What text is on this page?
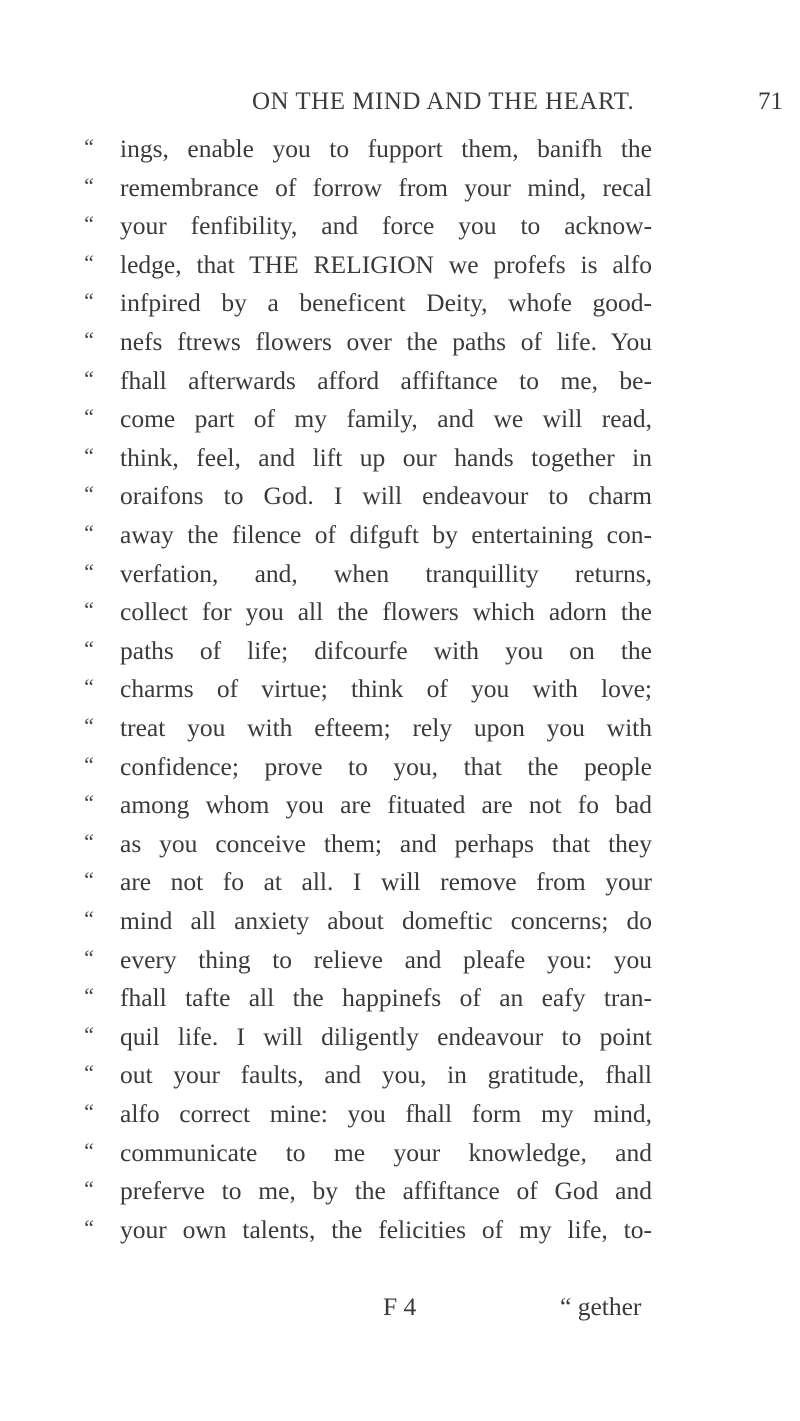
ON THE MIND AND THE HEART.	71
“ ings, enable you to fupport them, banifh the
“ remembrance of forrow from your mind, recal
“ your fenfibility, and force you to acknow-
“ ledge, that THE RELIGION we profefs is alfo
“ infpired by a beneficent Deity, whofe good-
“ nefs ftrews flowers over the paths of life. You
“ fhall afterwards afford affiftance to me, be-
“ come part of my family, and we will read,
“ think, feel, and lift up our hands together in
“ oraifons to God. I will endeavour to charm
“ away the filence of difguft by entertaining con-
“ verfation, and, when tranquillity returns,
“ collect for you all the flowers which adorn the
“ paths of life; difcourfe with you on the
“ charms of virtue; think of you with love;
“ treat you with efteem; rely upon you with
“ confidence; prove to you, that the people
“ among whom you are fituated are not fo bad
“ as you conceive them; and perhaps that they
“ are not fo at all. I will remove from your
“ mind all anxiety about domeftic concerns; do
“ every thing to relieve and pleafe you: you
“ fhall tafte all the happinefs of an eafy tran-
“ quil life. I will diligently endeavour to point
“ out your faults, and you, in gratitude, fhall
“ alfo correct mine: you fhall form my mind,
“ communicate to me your knowledge, and
“ preferve to me, by the affiftance of God and
“ your own talents, the felicities of my life, to-
F 4	“ gether
